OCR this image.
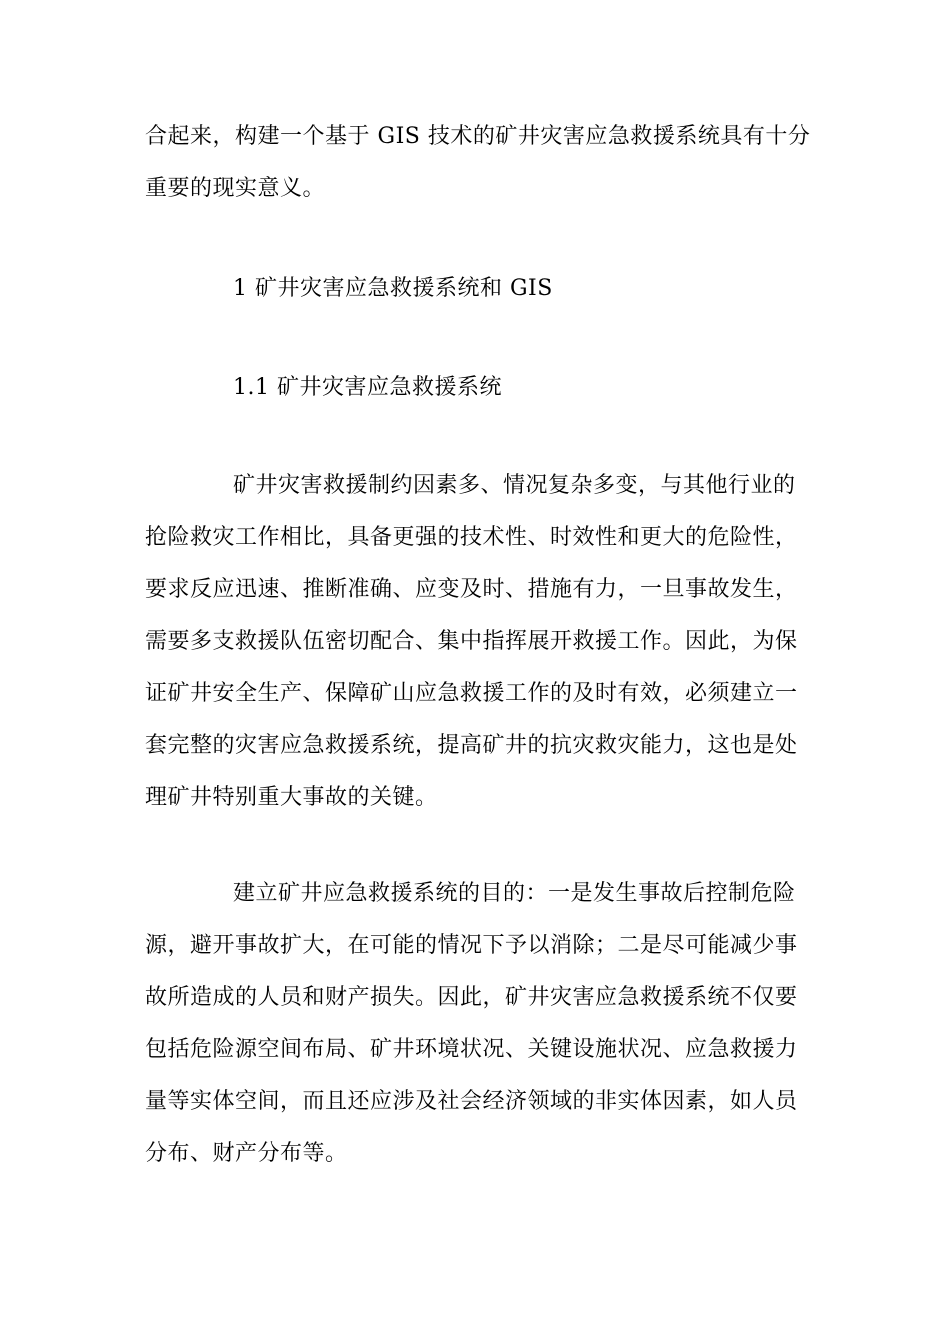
合起来，构建一个基于 GIS 技术的矿井灾害应急救援系统具有十分
重要的现实意义。
1 矿井灾害应急救援系统和 GIS
1.1 矿井灾害应急救援系统
矿井灾害救援制约因素多、情况复杂多变，与其他行业的
抢险救灾工作相比，具备更强的技术性、时效性和更大的危险性，
要求反应迅速、推断准确、应变及时、措施有力，一旦事故发生，
需要多支救援队伍密切配合、集中指挥展开救援工作。因此，为保
证矿井安全生产、保障矿山应急救援工作的及时有效，必须建立一
套完整的灾害应急救援系统，提高矿井的抗灾救灾能力，这也是处
理矿井特别重大事故的关键。
建立矿井应急救援系统的目的：一是发生事故后控制危险
源，避开事故扩大，在可能的情况下予以消除；二是尽可能减少事
故所造成的人员和财产损失。因此，矿井灾害应急救援系统不仅要
包括危险源空间布局、矿井环境状况、关键设施状况、应急救援力
量等实体空间，而且还应涉及社会经济领域的非实体因素，如人员
分布、财产分布等。
